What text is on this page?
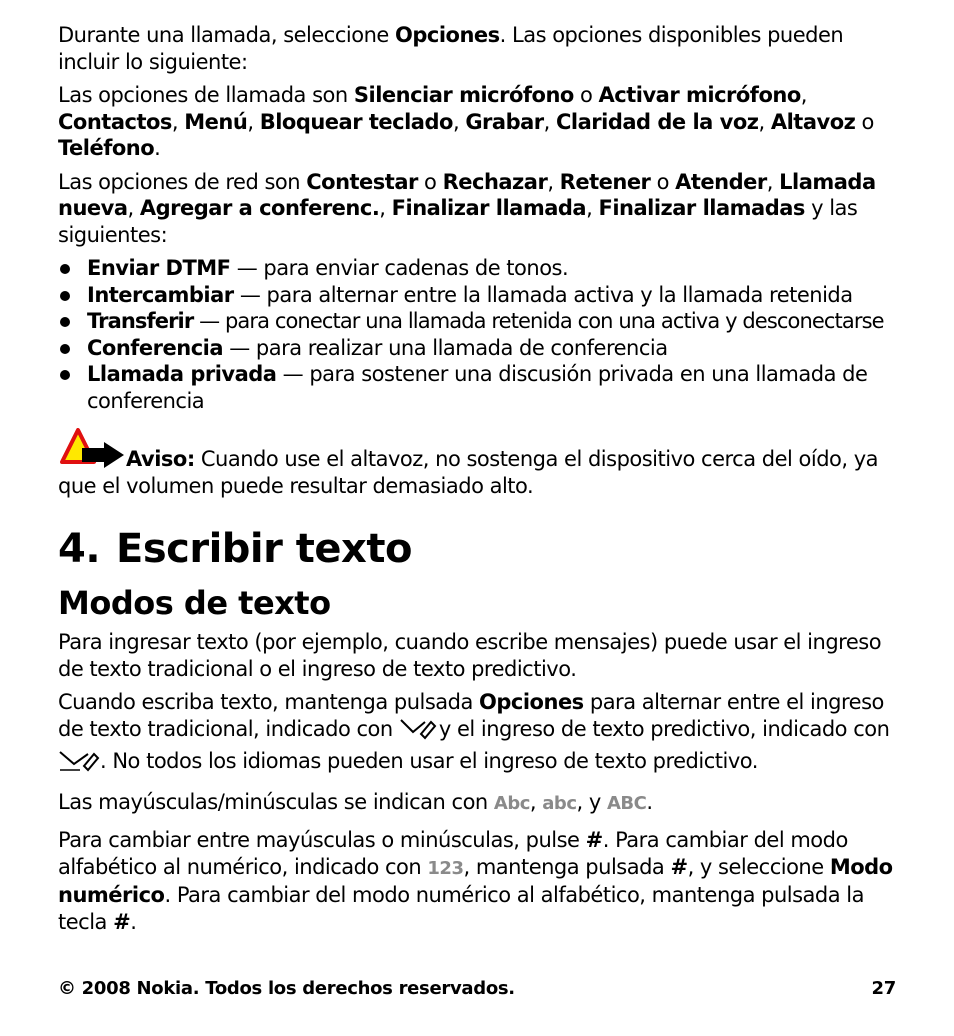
Durante una llamada, seleccione Opciones. Las opciones disponibles pueden incluir lo siguiente:

Las opciones de llamada son Silenciar micrófono o Activar micrófono, Contactos, Menú, Bloquear teclado, Grabar, Claridad de la voz, Altavoz o Teléfono.

Las opciones de red son Contestar o Rechazar, Retener o Atender, Llamada nueva, Agregar a conferenc., Finalizar llamada, Finalizar llamadas y las siguientes:

Enviar DTMF — para enviar cadenas de tonos.
Intercambiar — para alternar entre la llamada activa y la llamada retenida
Transferir — para conectar una llamada retenida con una activa y desconectarse
Conferencia — para realizar una llamada de conferencia
Llamada privada — para sostener una discusión privada en una llamada de conferencia

Aviso: Cuando use el altavoz, no sostenga el dispositivo cerca del oído, ya que el volumen puede resultar demasiado alto.

4. Escribir texto
Modos de texto

Para ingresar texto (por ejemplo, cuando escribe mensajes) puede usar el ingreso de texto tradicional o el ingreso de texto predictivo.

Cuando escriba texto, mantenga pulsada Opciones para alternar entre el ingreso de texto tradicional, indicado con y el ingreso de texto predictivo, indicado con
. No todos los idiomas pueden usar el ingreso de texto predictivo.

Las mayúsculas/minúsculas se indican con Abc, abc, y ABC.

Para cambiar entre mayúsculas o minúsculas, pulse #. Para cambiar del modo alfabético al numérico, indicado con 123, mantenga pulsada #, y seleccione Modo numérico. Para cambiar del modo numérico al alfabético, mantenga pulsada la tecla #.

© 2008 Nokia. Todos los derechos reservados.	27
